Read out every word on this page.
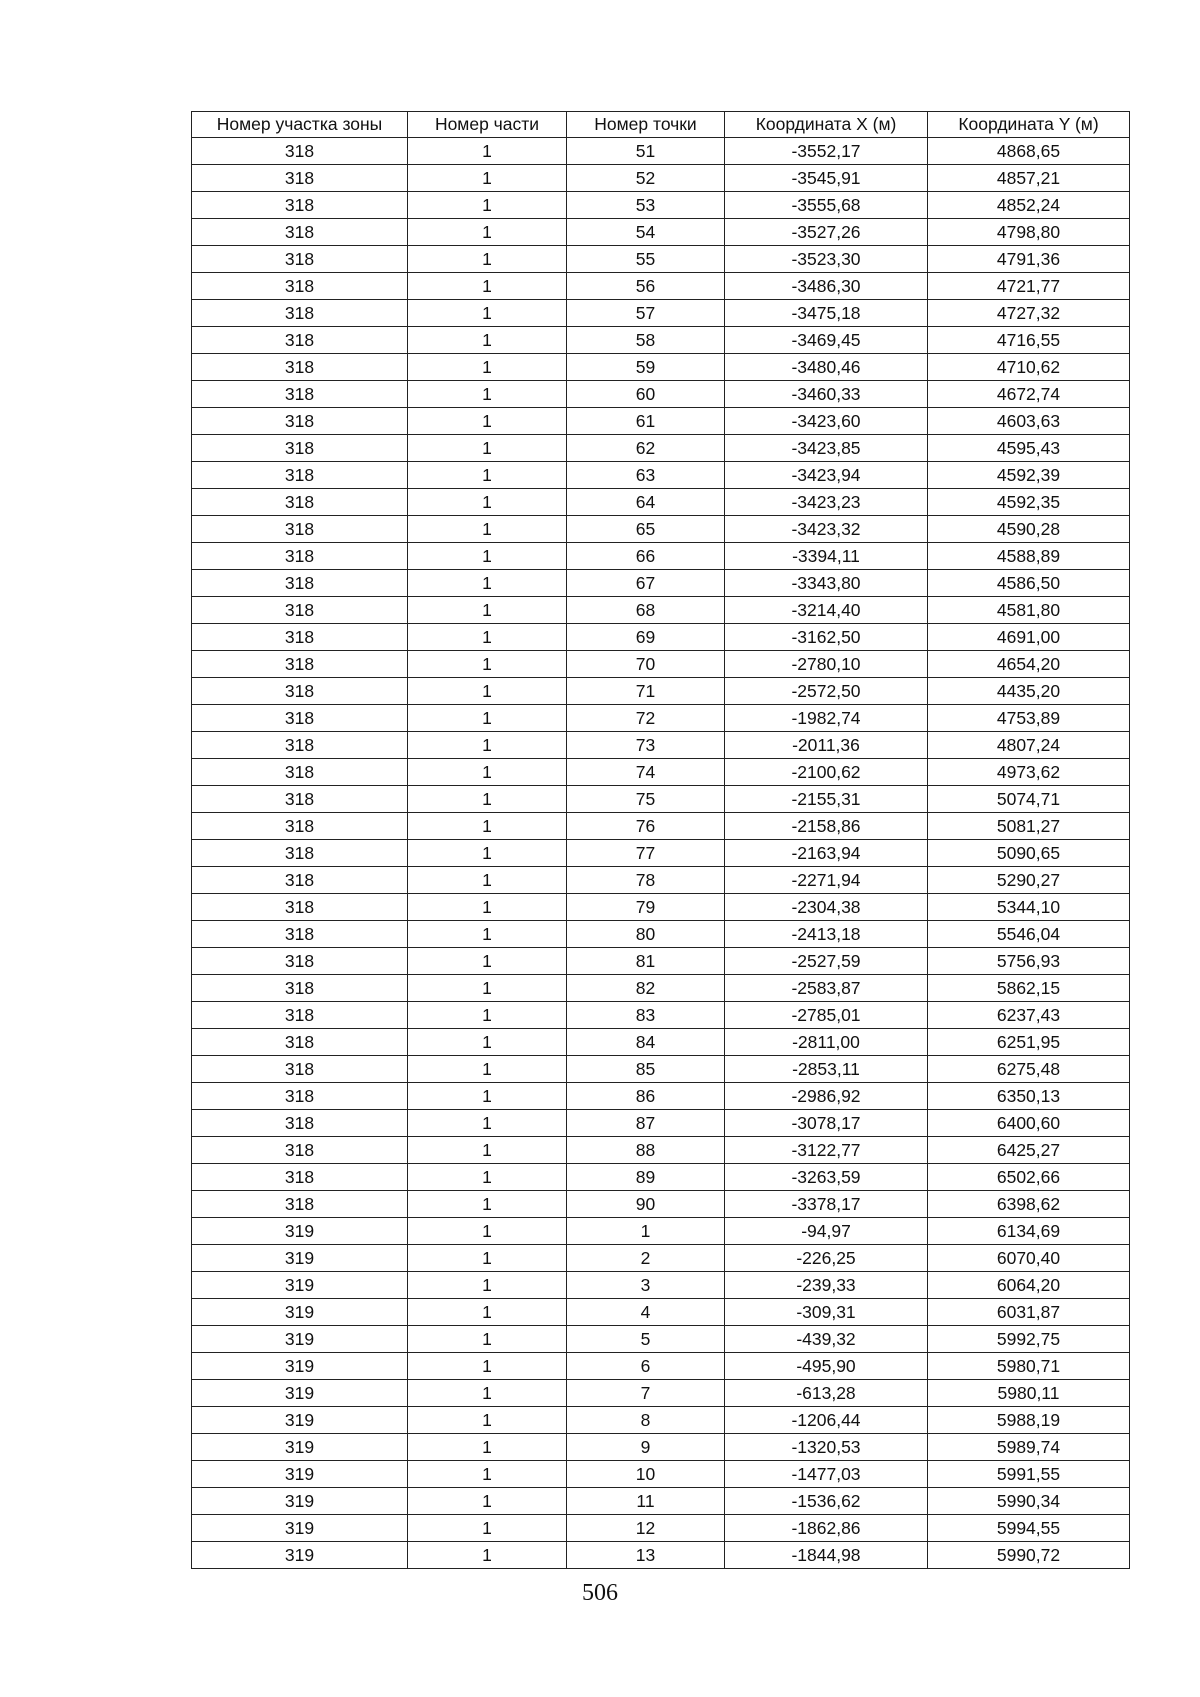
Номер участка зоны	Номер части	Номер точки	Координата X (м)	Координата Y (м)
318	1	51	-3552,17	4868,65
318	1	52	-3545,91	4857,21
318	1	53	-3555,68	4852,24
318	1	54	-3527,26	4798,80
318	1	55	-3523,30	4791,36
318	1	56	-3486,30	4721,77
318	1	57	-3475,18	4727,32
318	1	58	-3469,45	4716,55
318	1	59	-3480,46	4710,62
318	1	60	-3460,33	4672,74
318	1	61	-3423,60	4603,63
318	1	62	-3423,85	4595,43
318	1	63	-3423,94	4592,39
318	1	64	-3423,23	4592,35
318	1	65	-3423,32	4590,28
318	1	66	-3394,11	4588,89
318	1	67	-3343,80	4586,50
318	1	68	-3214,40	4581,80
318	1	69	-3162,50	4691,00
318	1	70	-2780,10	4654,20
318	1	71	-2572,50	4435,20
318	1	72	-1982,74	4753,89
318	1	73	-2011,36	4807,24
318	1	74	-2100,62	4973,62
318	1	75	-2155,31	5074,71
318	1	76	-2158,86	5081,27
318	1	77	-2163,94	5090,65
318	1	78	-2271,94	5290,27
318	1	79	-2304,38	5344,10
318	1	80	-2413,18	5546,04
318	1	81	-2527,59	5756,93
318	1	82	-2583,87	5862,15
318	1	83	-2785,01	6237,43
318	1	84	-2811,00	6251,95
318	1	85	-2853,11	6275,48
318	1	86	-2986,92	6350,13
318	1	87	-3078,17	6400,60
318	1	88	-3122,77	6425,27
318	1	89	-3263,59	6502,66
318	1	90	-3378,17	6398,62
319	1	1	-94,97	6134,69
319	1	2	-226,25	6070,40
319	1	3	-239,33	6064,20
319	1	4	-309,31	6031,87
319	1	5	-439,32	5992,75
319	1	6	-495,90	5980,71
319	1	7	-613,28	5980,11
319	1	8	-1206,44	5988,19
319	1	9	-1320,53	5989,74
319	1	10	-1477,03	5991,55
319	1	11	-1536,62	5990,34
319	1	12	-1862,86	5994,55
319	1	13	-1844,98	5990,72
506
